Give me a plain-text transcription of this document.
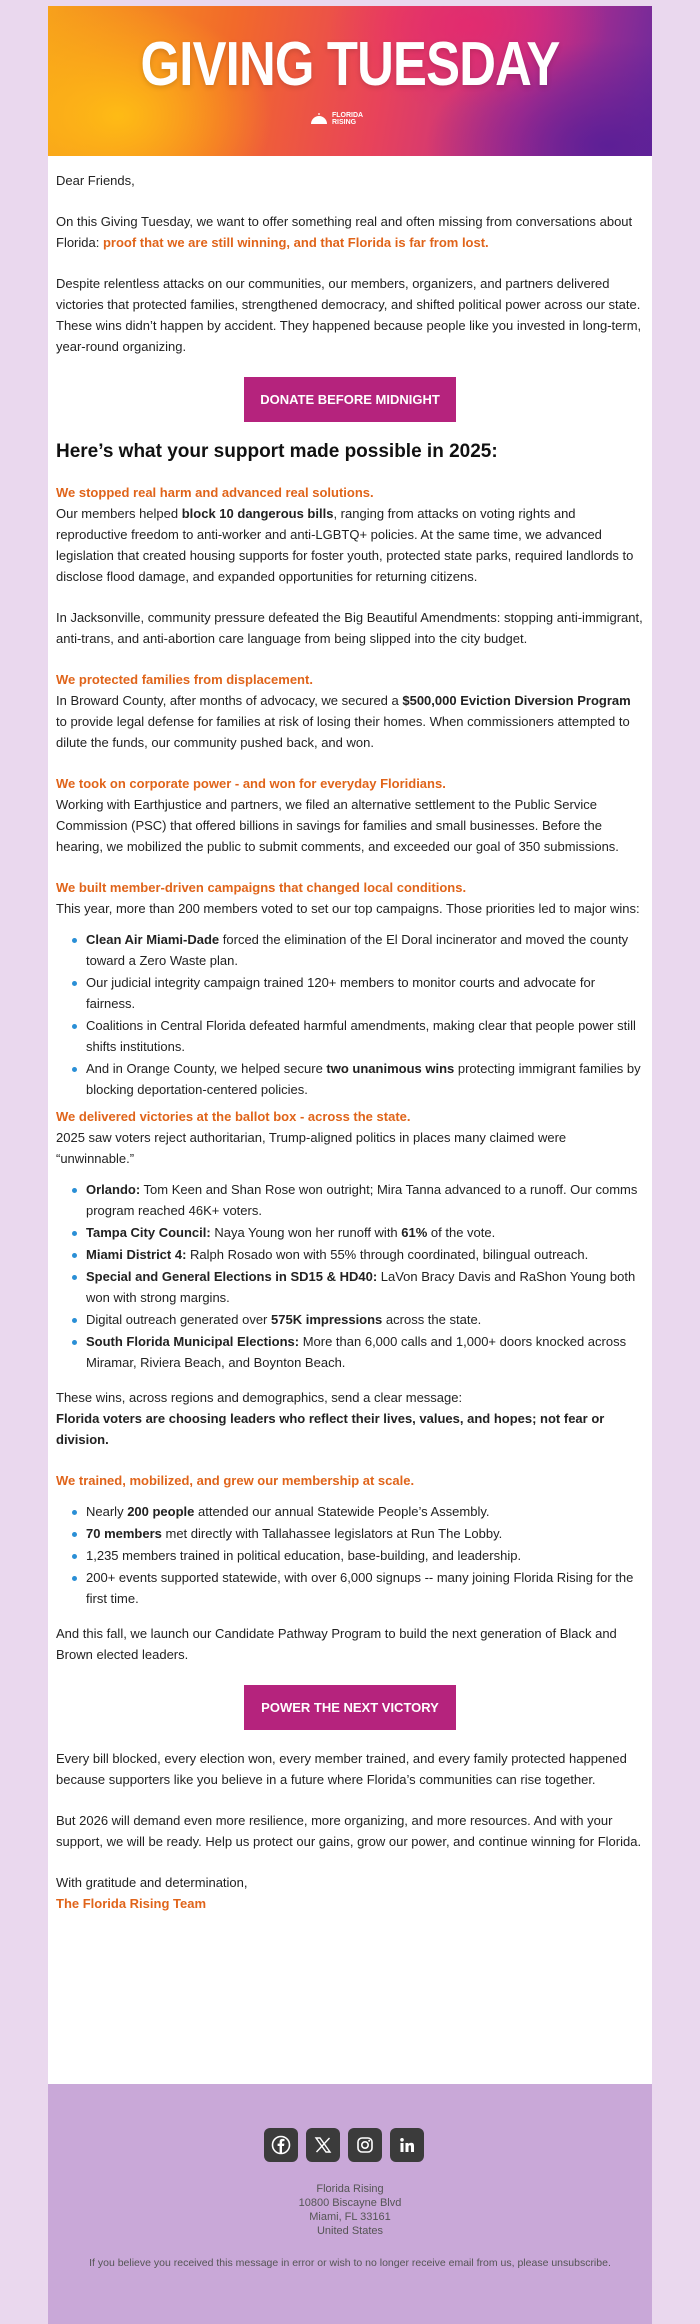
GIVING TUESDAY
FLORIDA
RISING
Dear Friends,
On this Giving Tuesday, we want to offer something real and often missing from conversations about Florida: proof that we are still winning, and that Florida is far from lost.
Despite relentless attacks on our communities, our members, organizers, and partners delivered victories that protected families, strengthened democracy, and shifted political power across our state. These wins didn’t happen by accident. They happened because people like you invested in long-term, year-round organizing.
DONATE BEFORE MIDNIGHT
Here’s what your support made possible in 2025:
We stopped real harm and advanced real solutions.
Our members helped block 10 dangerous bills, ranging from attacks on voting rights and reproductive freedom to anti-worker and anti-LGBTQ+ policies. At the same time, we advanced legislation that created housing supports for foster youth, protected state parks, required landlords to disclose flood damage, and expanded opportunities for returning citizens.
In Jacksonville, community pressure defeated the Big Beautiful Amendments: stopping anti-immigrant, anti-trans, and anti-abortion care language from being slipped into the city budget.
We protected families from displacement.
In Broward County, after months of advocacy, we secured a $500,000 Eviction Diversion Program to provide legal defense for families at risk of losing their homes. When commissioners attempted to dilute the funds, our community pushed back, and won.
We took on corporate power - and won for everyday Floridians.
Working with Earthjustice and partners, we filed an alternative settlement to the Public Service Commission (PSC) that offered billions in savings for families and small businesses. Before the hearing, we mobilized the public to submit comments, and exceeded our goal of 350 submissions.
We built member-driven campaigns that changed local conditions.
This year, more than 200 members voted to set our top campaigns. Those priorities led to major wins:
Clean Air Miami-Dade forced the elimination of the El Doral incinerator and moved the county toward a Zero Waste plan.
Our judicial integrity campaign trained 120+ members to monitor courts and advocate for fairness.
Coalitions in Central Florida defeated harmful amendments, making clear that people power still shifts institutions.
And in Orange County, we helped secure two unanimous wins protecting immigrant families by blocking deportation-centered policies.
We delivered victories at the ballot box - across the state.
2025 saw voters reject authoritarian, Trump-aligned politics in places many claimed were “unwinnable.”
Orlando: Tom Keen and Shan Rose won outright; Mira Tanna advanced to a runoff. Our comms program reached 46K+ voters.
Tampa City Council: Naya Young won her runoff with 61% of the vote.
Miami District 4: Ralph Rosado won with 55% through coordinated, bilingual outreach.
Special and General Elections in SD15 & HD40: LaVon Bracy Davis and RaShon Young both won with strong margins.
Digital outreach generated over 575K impressions across the state.
South Florida Municipal Elections: More than 6,000 calls and 1,000+ doors knocked across Miramar, Riviera Beach, and Boynton Beach.
These wins, across regions and demographics, send a clear message:
Florida voters are choosing leaders who reflect their lives, values, and hopes; not fear or division.
We trained, mobilized, and grew our membership at scale.
Nearly 200 people attended our annual Statewide People’s Assembly.
70 members met directly with Tallahassee legislators at Run The Lobby.
1,235 members trained in political education, base-building, and leadership.
200+ events supported statewide, with over 6,000 signups -- many joining Florida Rising for the first time.
And this fall, we launch our Candidate Pathway Program to build the next generation of Black and Brown elected leaders.
POWER THE NEXT VICTORY
Every bill blocked, every election won, every member trained, and every family protected happened because supporters like you believe in a future where Florida’s communities can rise together.
But 2026 will demand even more resilience, more organizing, and more resources. And with your support, we will be ready. Help us protect our gains, grow our power, and continue winning for Florida.
With gratitude and determination,
The Florida Rising Team
Florida Rising
10800 Biscayne Blvd
Miami, FL 33161
United States
If you believe you received this message in error or wish to no longer receive email from us, please unsubscribe.
